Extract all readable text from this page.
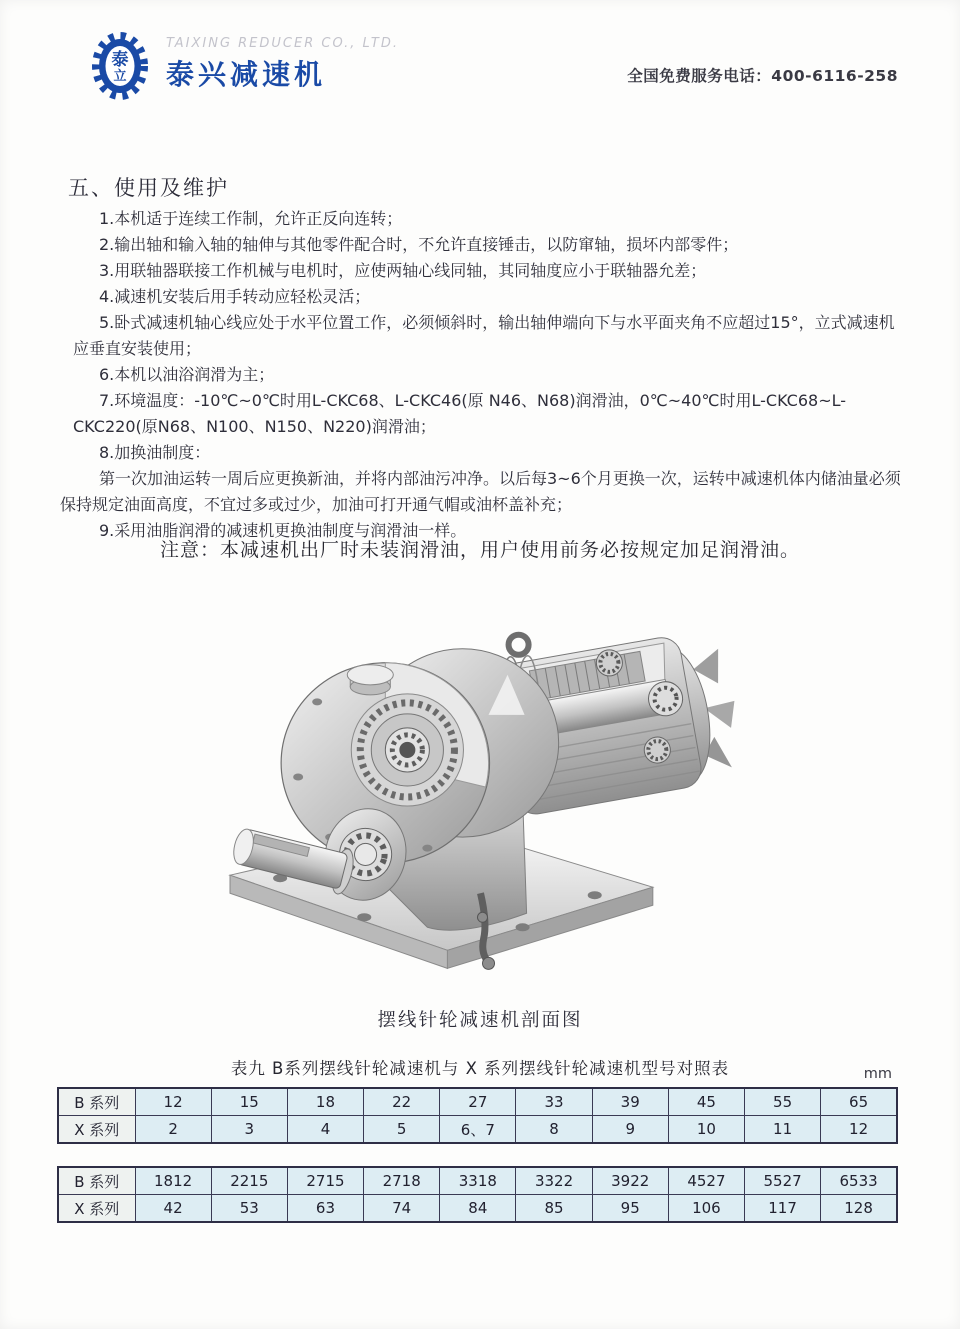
泰
立
TAIXING REDUCER CO., LTD.
泰兴减速机	全国免费服务电话：400-6116-258
五、使用及维护

1.本机适于连续工作制，允许正反向连转；

2.输出轴和输入轴的轴伸与其他零件配合时，不允许直接锤击，以防窜轴，损坏内部零件；

3.用联轴器联接工作机械与电机时，应使两轴心线同轴，其同轴度应小于联轴器允差；

4.减速机安装后用手转动应轻松灵活；

5.卧式减速机轴心线应处于水平位置工作，必须倾斜时，输出轴伸端向下与水平面夹角不应超过15°，立式减速机应垂直安装使用；

6.本机以油浴润滑为主；

7.环境温度：-10℃~0℃时用L-CKC68、L-CKC46(原 N46、N68)润滑油，0℃~40℃时用L-CKC68~L-CKC220(原N68、N100、N150、N220)润滑油；

8.加换油制度：

第一次加油运转一周后应更换新油，并将内部油污冲净。以后每3~6个月更换一次，运转中减速机体内储油量必须保持规定油面高度，不宜过多或过少，加油可打开通气帽或油杯盖补充；

9.采用油脂润滑的减速机更换油制度与润滑油一样。

注意：本减速机出厂时未装润滑油，用户使用前务必按规定加足润滑油。
摆线针轮减速机剖面图
表九 B系列摆线针轮减速机与 X 系列摆线针轮减速机型号对照表	mm
B 系列	12	15	18	22	27	33	39	45	55	65
X 系列	2	3	4	5	6、7	8	9	10	11	12
B 系列	1812	2215	2715	2718	3318	3322	3922	4527	5527	6533
X 系列	42	53	63	74	84	85	95	106	117	128
